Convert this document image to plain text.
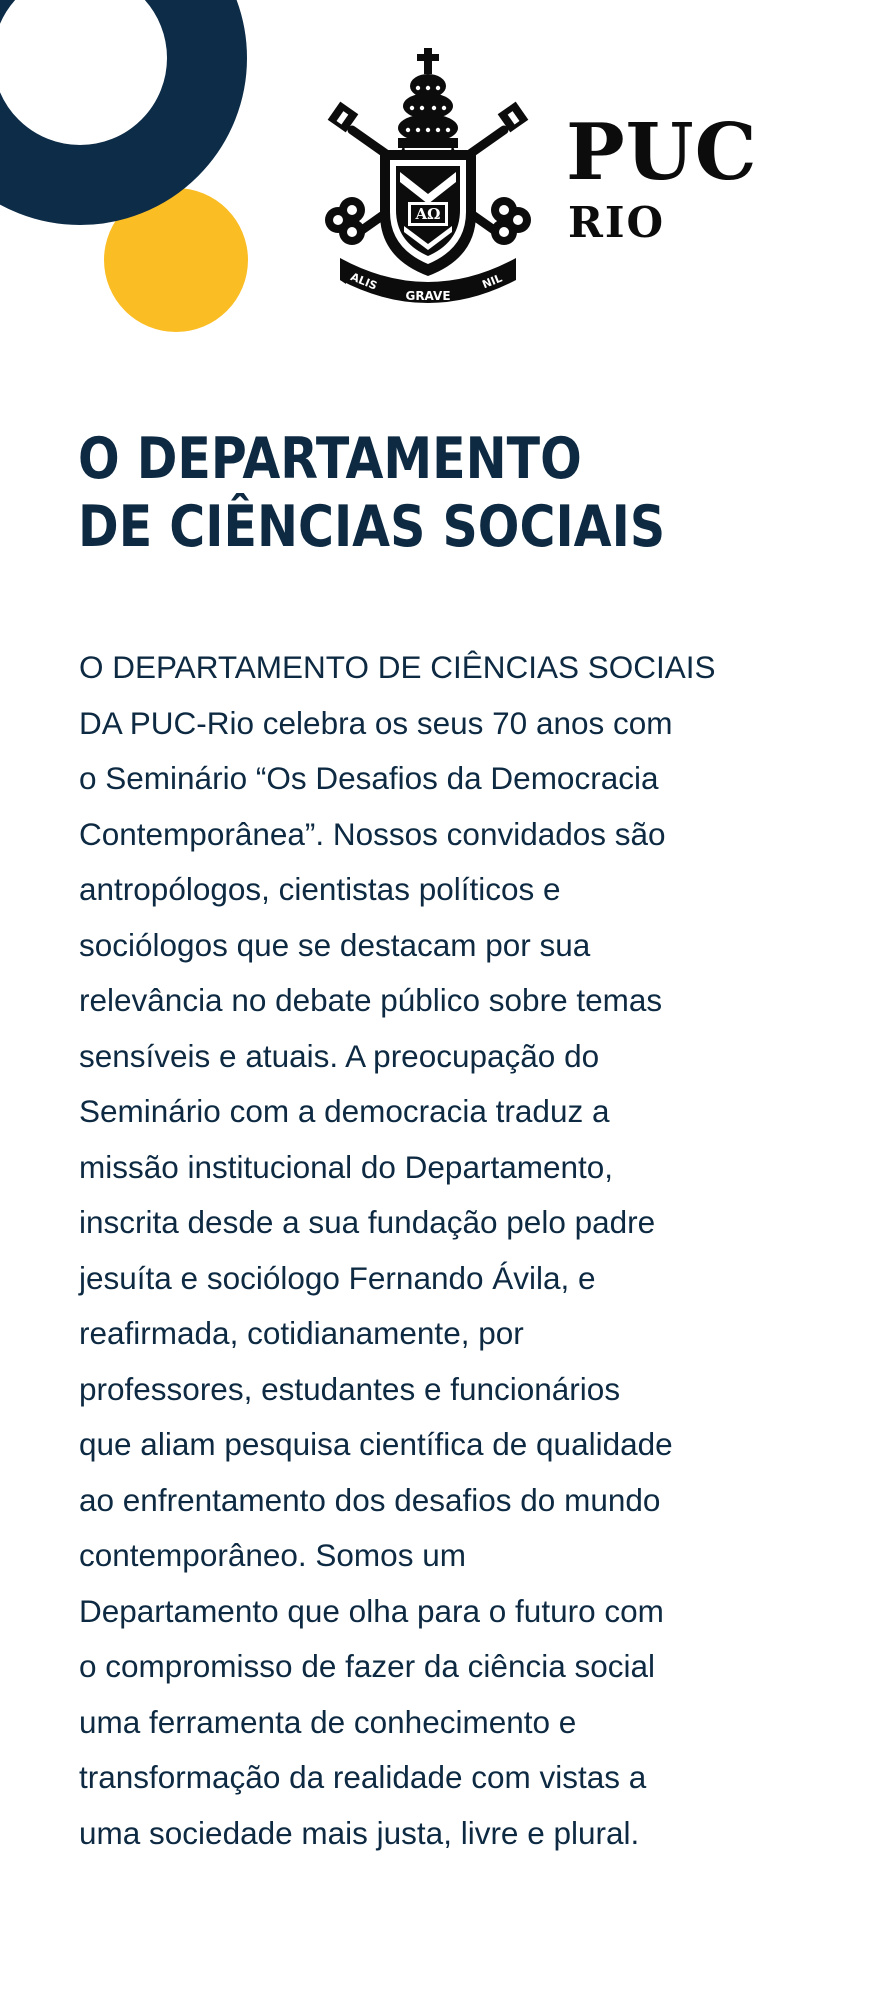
AΩ
ALIS
GRAVE
NIL
PUC
RIO
O DEPARTAMENTO
DE CIÊNCIAS SOCIAIS
O DEPARTAMENTO DE CIÊNCIAS SOCIAIS
DA PUC-Rio celebra os seus 70 anos com
o Seminário “Os Desafios da Democracia
Contemporânea”. Nossos convidados são
antropólogos, cientistas políticos e
sociólogos que se destacam por sua
relevância no debate público sobre temas
sensíveis e atuais. A preocupação do
Seminário com a democracia traduz a
missão institucional do Departamento,
inscrita desde a sua fundação pelo padre
jesuíta e sociólogo Fernando Ávila, e
reafirmada, cotidianamente, por
professores, estudantes e funcionários
que aliam pesquisa científica de qualidade
ao enfrentamento dos desafios do mundo
contemporâneo. Somos um
Departamento que olha para o futuro com
o compromisso de fazer da ciência social
uma ferramenta de conhecimento e
transformação da realidade com vistas a
uma sociedade mais justa, livre e plural.
